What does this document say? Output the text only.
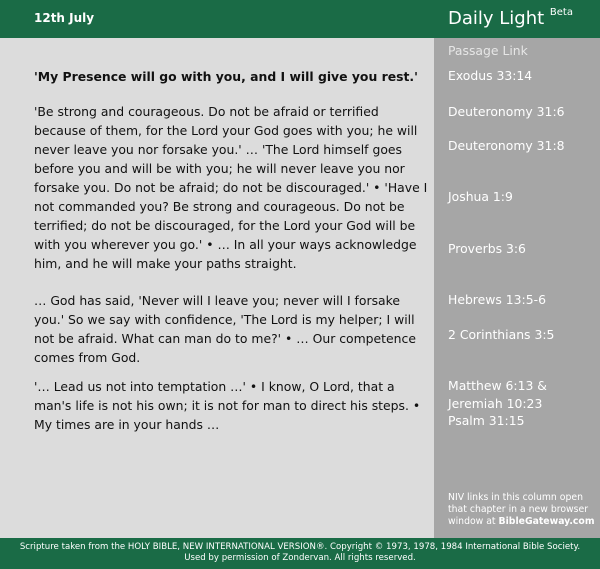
12th July	Daily Light $^{Beta}$

'My Presence will go with you, and I will give you rest.'

'Be strong and courageous. Do not be afraid or terrified because of them, for the Lord your God goes with you; he will never leave you nor forsake you.' … 'The Lord himself goes before you and will be with you; he will never leave you nor forsake you. Do not be afraid; do not be discouraged.' • 'Have I not commanded you? Be strong and courageous. Do not be terrified; do not be discouraged, for the Lord your God will be with you wherever you go.' • … In all your ways acknowledge him, and he will make your paths straight.

… God has said, 'Never will I leave you; never will I forsake you.' So we say with confidence, 'The Lord is my helper; I will not be afraid. What can man do to me?' • … Our competence comes from God.

'… Lead us not into temptation …' • I know, O Lord, that a man's life is not his own; it is not for man to direct his steps. • My times are in your hands …

Passage Link
Exodus 33:14
Deuteronomy 31:6
Deuteronomy 31:8
Joshua 1:9
Proverbs 3:6
Hebrews 13:5-6
2 Corinthians 3:5
Matthew 6:13 &
Jeremiah 10:23
Psalm 31:15
NIV links in this column open that chapter in a new browser window at BibleGateway.com
Scripture taken from the HOLY BIBLE, NEW INTERNATIONAL VERSION®. Copyright © 1973, 1978, 1984 International Bible Society.
Used by permission of Zondervan. All rights reserved.
